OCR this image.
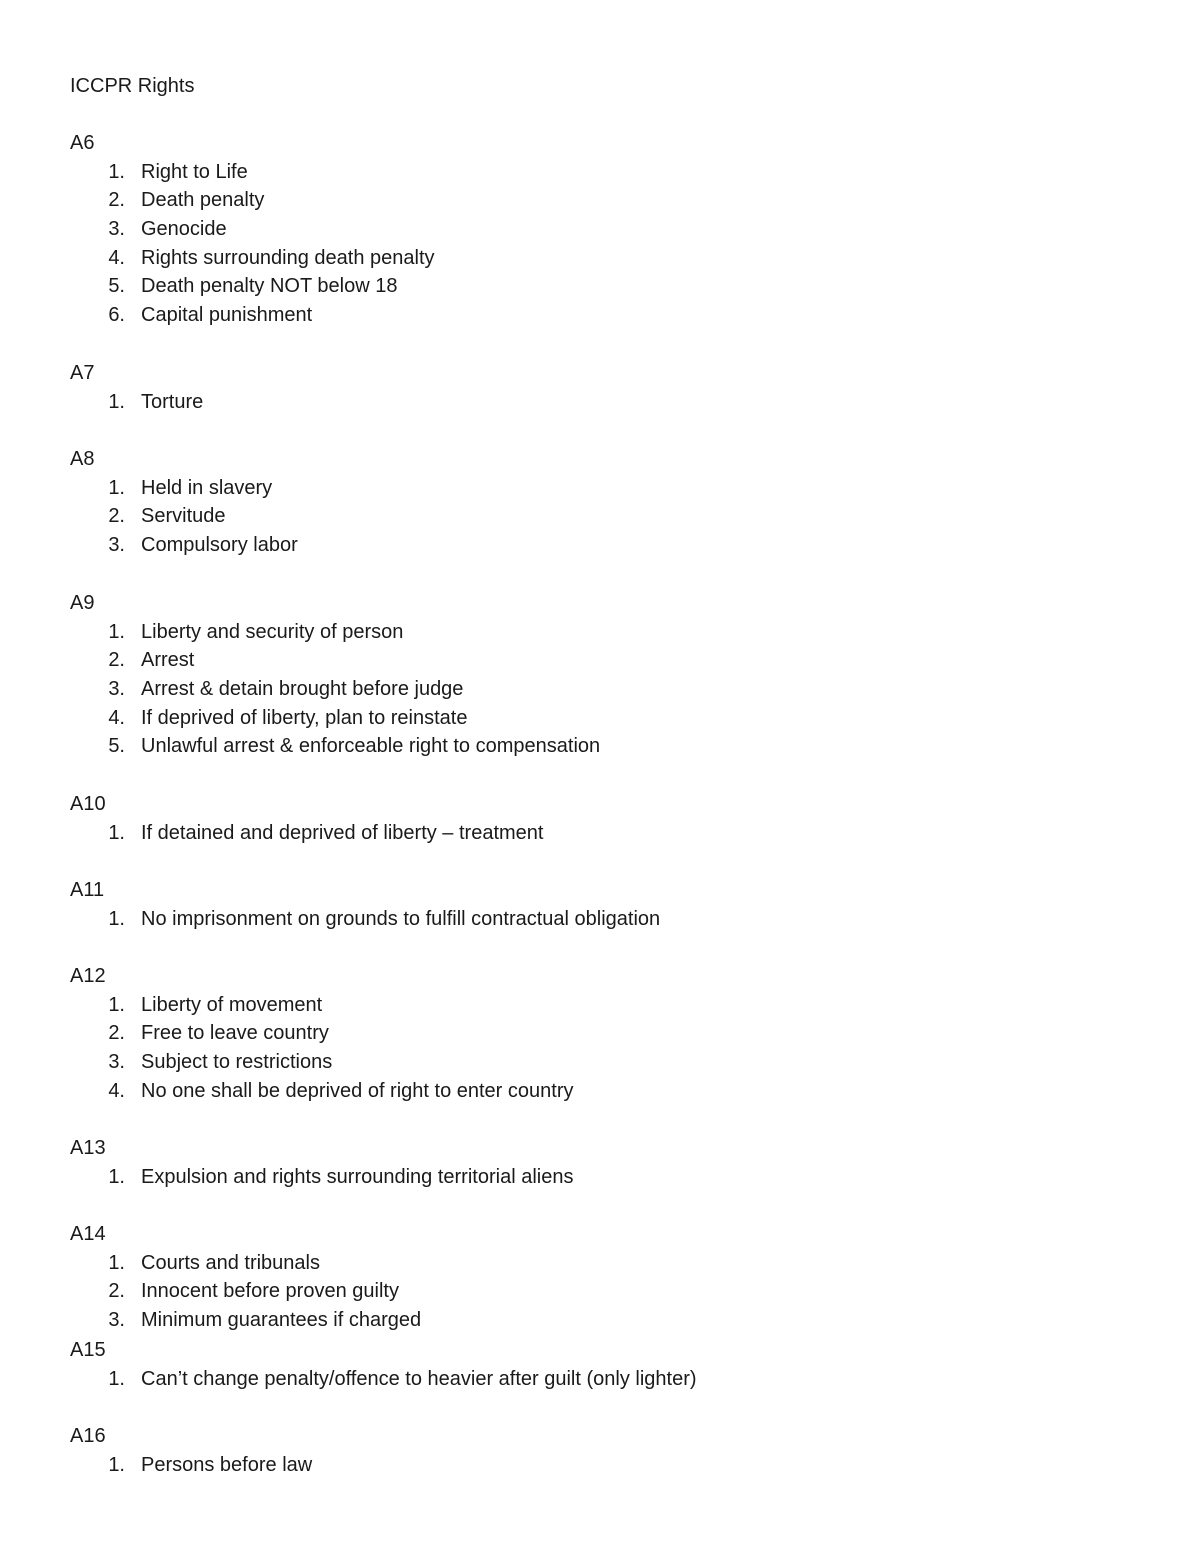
ICCPR Rights
A6
1. Right to Life
2. Death penalty
3. Genocide
4. Rights surrounding death penalty
5. Death penalty NOT below 18
6. Capital punishment
A7
1. Torture
A8
1. Held in slavery
2. Servitude
3. Compulsory labor
A9
1. Liberty and security of person
2. Arrest
3. Arrest & detain brought before judge
4. If deprived of liberty, plan to reinstate
5. Unlawful arrest & enforceable right to compensation
A10
1. If detained and deprived of liberty – treatment
A11
1. No imprisonment on grounds to fulfill contractual obligation
A12
1. Liberty of movement
2. Free to leave country
3. Subject to restrictions
4. No one shall be deprived of right to enter country
A13
1. Expulsion and rights surrounding territorial aliens
A14
1. Courts and tribunals
2. Innocent before proven guilty
3. Minimum guarantees if charged
A15
1. Can’t change penalty/offence to heavier after guilt (only lighter)
A16
1. Persons before law
